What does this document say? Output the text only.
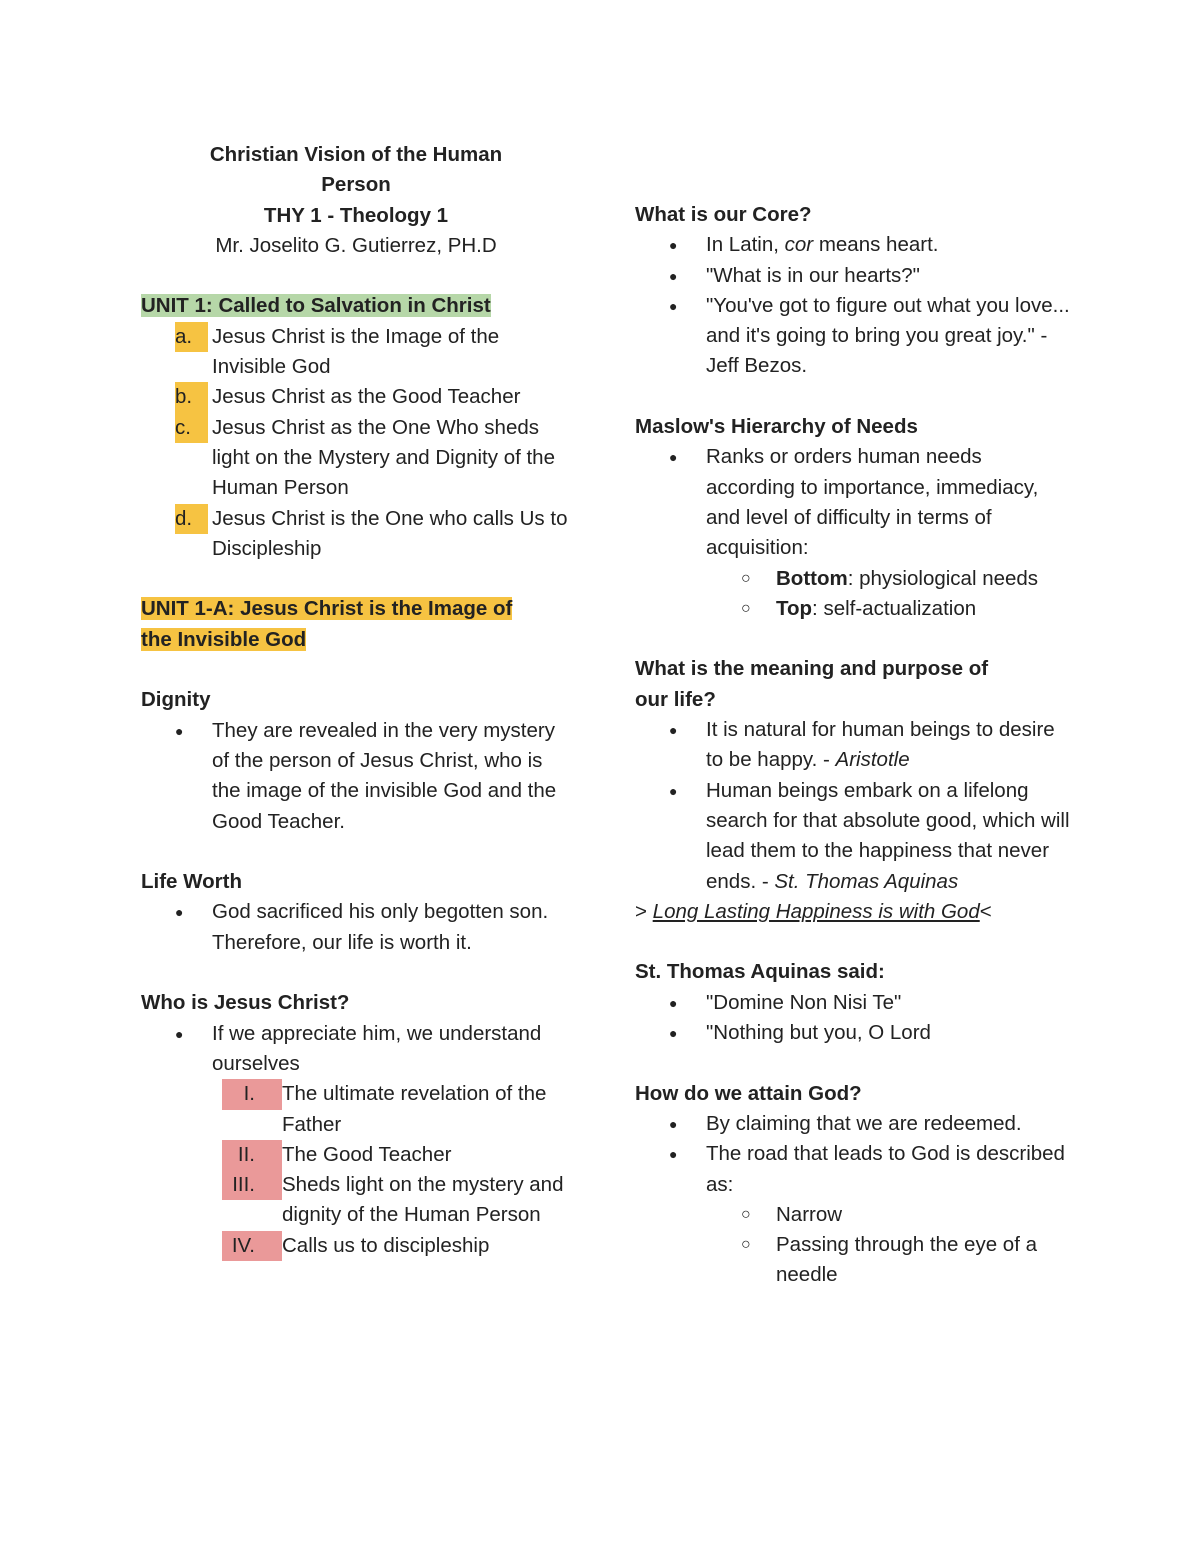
Christian Vision of the Human
Person
THY 1 - Theology 1
Mr. Joselito G. Gutierrez, PH.D
UNIT 1: Called to Salvation in Christ
a. Jesus Christ is the Image of the Invisible God
b. Jesus Christ as the Good Teacher
c.	Jesus Christ as the One Who sheds light on the Mystery and Dignity of the Human Person
d. Jesus Christ is the One who calls Us to Discipleship
UNIT 1-A: Jesus Christ is the Image of
the Invisible God
Dignity
● They are revealed in the very mystery of the person of Jesus Christ, who is the image of the invisible God and the Good Teacher.
Life Worth
● God sacrificed his only begotten son. Therefore, our life is worth it.
Who is Jesus Christ?
● If we appreciate him, we understand ourselves
I.	The ultimate revelation of the Father
II.	The Good Teacher
III.	Sheds light on the mystery and dignity of the Human Person
IV.	Calls us to discipleship
What is our Core?
● In Latin, cor means heart.
● "What is in our hearts?"
● "You've got to figure out what you love... and it's going to bring you great joy." - Jeff Bezos.
Maslow's Hierarchy of Needs
● Ranks or orders human needs according to importance, immediacy, and level of difficulty in terms of acquisition:
○ Bottom: physiological needs
○ Top: self-actualization
What is the meaning and purpose of
our life?
● It is natural for human beings to desire to be happy. - Aristotle
● Human beings embark on a lifelong search for that absolute good, which will lead them to the happiness that never ends. - St. Thomas Aquinas
> Long Lasting Happiness is with God<
St. Thomas Aquinas said:
● "Domine Non Nisi Te"
● "Nothing but you, O Lord
How do we attain God?
● By claiming that we are redeemed.
● The road that leads to God is described as:
○ Narrow
○ Passing through the eye of a needle
